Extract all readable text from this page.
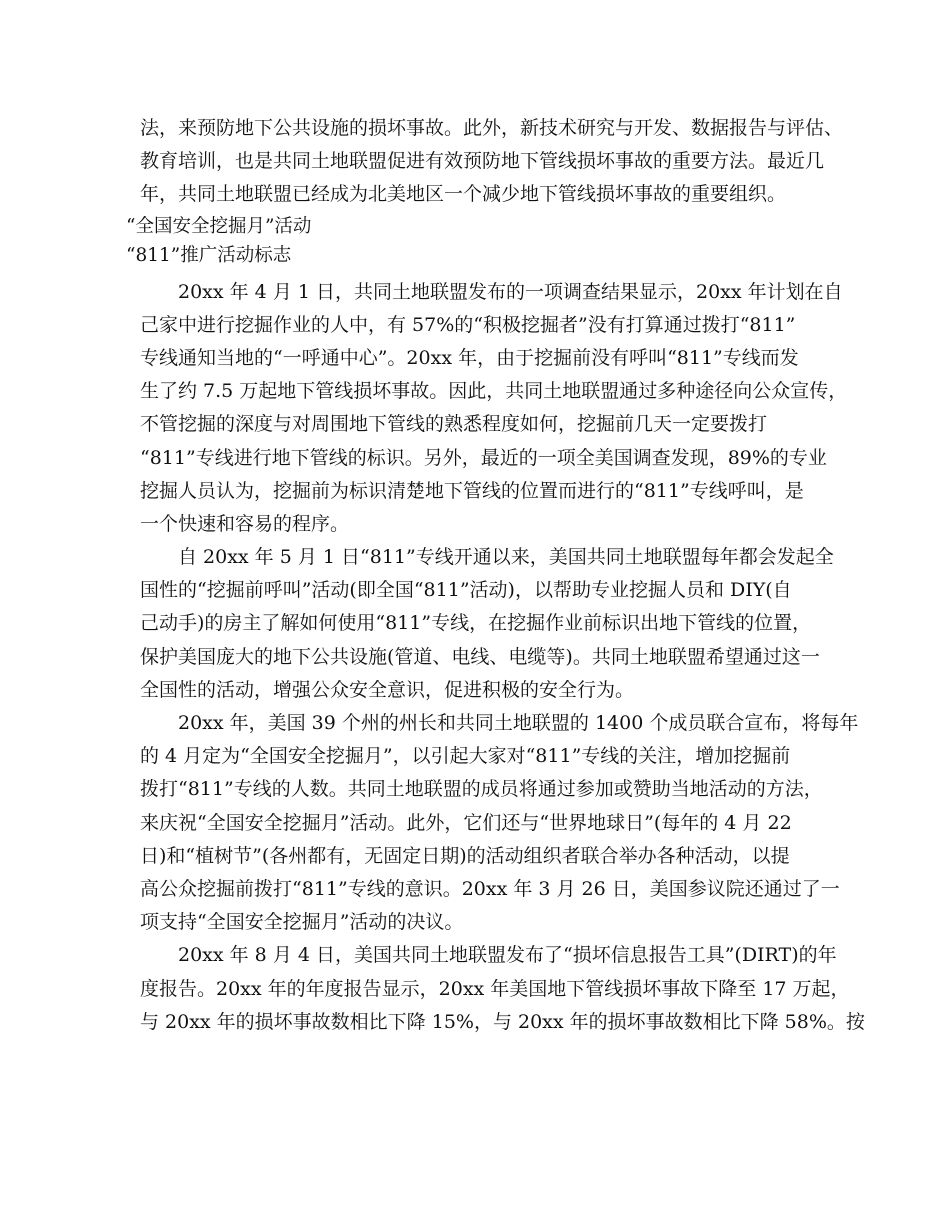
法，来预防地下公共设施的损坏事故。此外，新技术研究与开发、数据报告与评估、
教育培训，也是共同土地联盟促进有效预防地下管线损坏事故的重要方法。最近几
年，共同土地联盟已经成为北美地区一个减少地下管线损坏事故的重要组织。
“全国安全挖掘月”活动
“811”推广活动标志
20xx 年 4 月 1 日，共同土地联盟发布的一项调查结果显示，20xx 年计划在自
己家中进行挖掘作业的人中，有 57%的“积极挖掘者”没有打算通过拨打“811”
专线通知当地的“一呼通中心”。20xx 年，由于挖掘前没有呼叫“811”专线而发
生了约 7.5 万起地下管线损坏事故。因此，共同土地联盟通过多种途径向公众宣传，
不管挖掘的深度与对周围地下管线的熟悉程度如何，挖掘前几天一定要拨打
“811”专线进行地下管线的标识。另外，最近的一项全美国调查发现，89%的专业
挖掘人员认为，挖掘前为标识清楚地下管线的位置而进行的“811”专线呼叫，是
一个快速和容易的程序。
自 20xx 年 5 月 1 日“811”专线开通以来，美国共同土地联盟每年都会发起全
国性的“挖掘前呼叫”活动(即全国“811”活动)，以帮助专业挖掘人员和 DIY(自
己动手)的房主了解如何使用“811”专线，在挖掘作业前标识出地下管线的位置，
保护美国庞大的地下公共设施(管道、电线、电缆等)。共同土地联盟希望通过这一
全国性的活动，增强公众安全意识，促进积极的安全行为。
20xx 年，美国 39 个州的州长和共同土地联盟的 1400 个成员联合宣布，将每年
的 4 月定为“全国安全挖掘月”，以引起大家对“811”专线的关注，增加挖掘前
拨打“811”专线的人数。共同土地联盟的成员将通过参加或赞助当地活动的方法，
来庆祝“全国安全挖掘月”活动。此外，它们还与“世界地球日”(每年的 4 月 22
日)和“植树节”(各州都有，无固定日期)的活动组织者联合举办各种活动，以提
高公众挖掘前拨打“811”专线的意识。20xx 年 3 月 26 日，美国参议院还通过了一
项支持“全国安全挖掘月”活动的决议。
20xx 年 8 月 4 日，美国共同土地联盟发布了“损坏信息报告工具”(DIRT)的年
度报告。20xx 年的年度报告显示，20xx 年美国地下管线损坏事故下降至 17 万起，
与 20xx 年的损坏事故数相比下降 15%，与 20xx 年的损坏事故数相比下降 58%。按
